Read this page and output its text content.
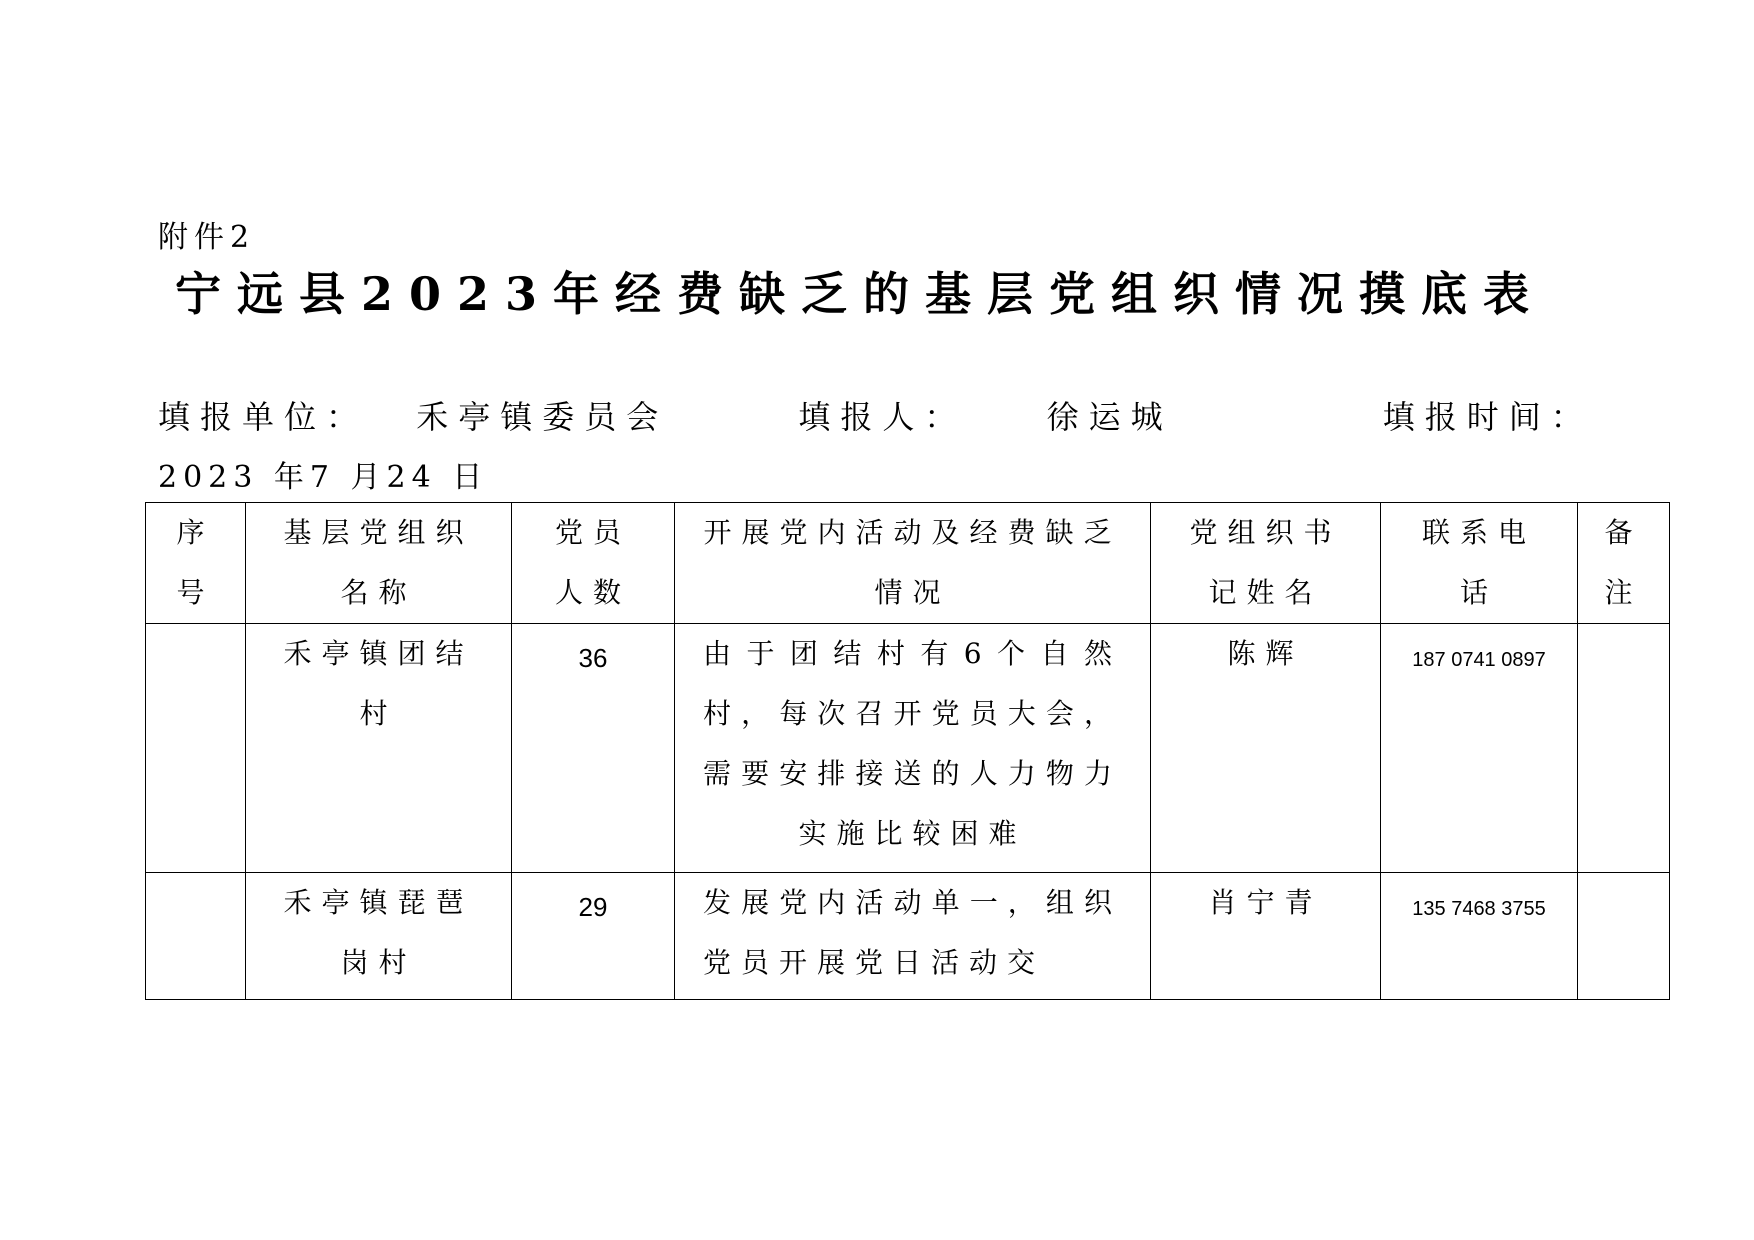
附件2
宁远县2023年经费缺乏的基层党组织情况摸底表
填报单位： 禾亭镇委员会	填报人：	徐运城	填报时间：
2023 年7 月24 日
序号	基层党组织名称	党员人数	开展党内活动及经费缺乏情况	党组织书记姓名	联系电话	备注
	禾亭镇团结村	36	由于团结村有6个自然村，每次召开党员大会，需要安排接送的人力物力实施比较困难	陈辉	187 0741 0897	
	禾亭镇琵琶岗村	29	发展党内活动单一，组织党员开展党日活动交	肖宁青	135 7468 3755	
